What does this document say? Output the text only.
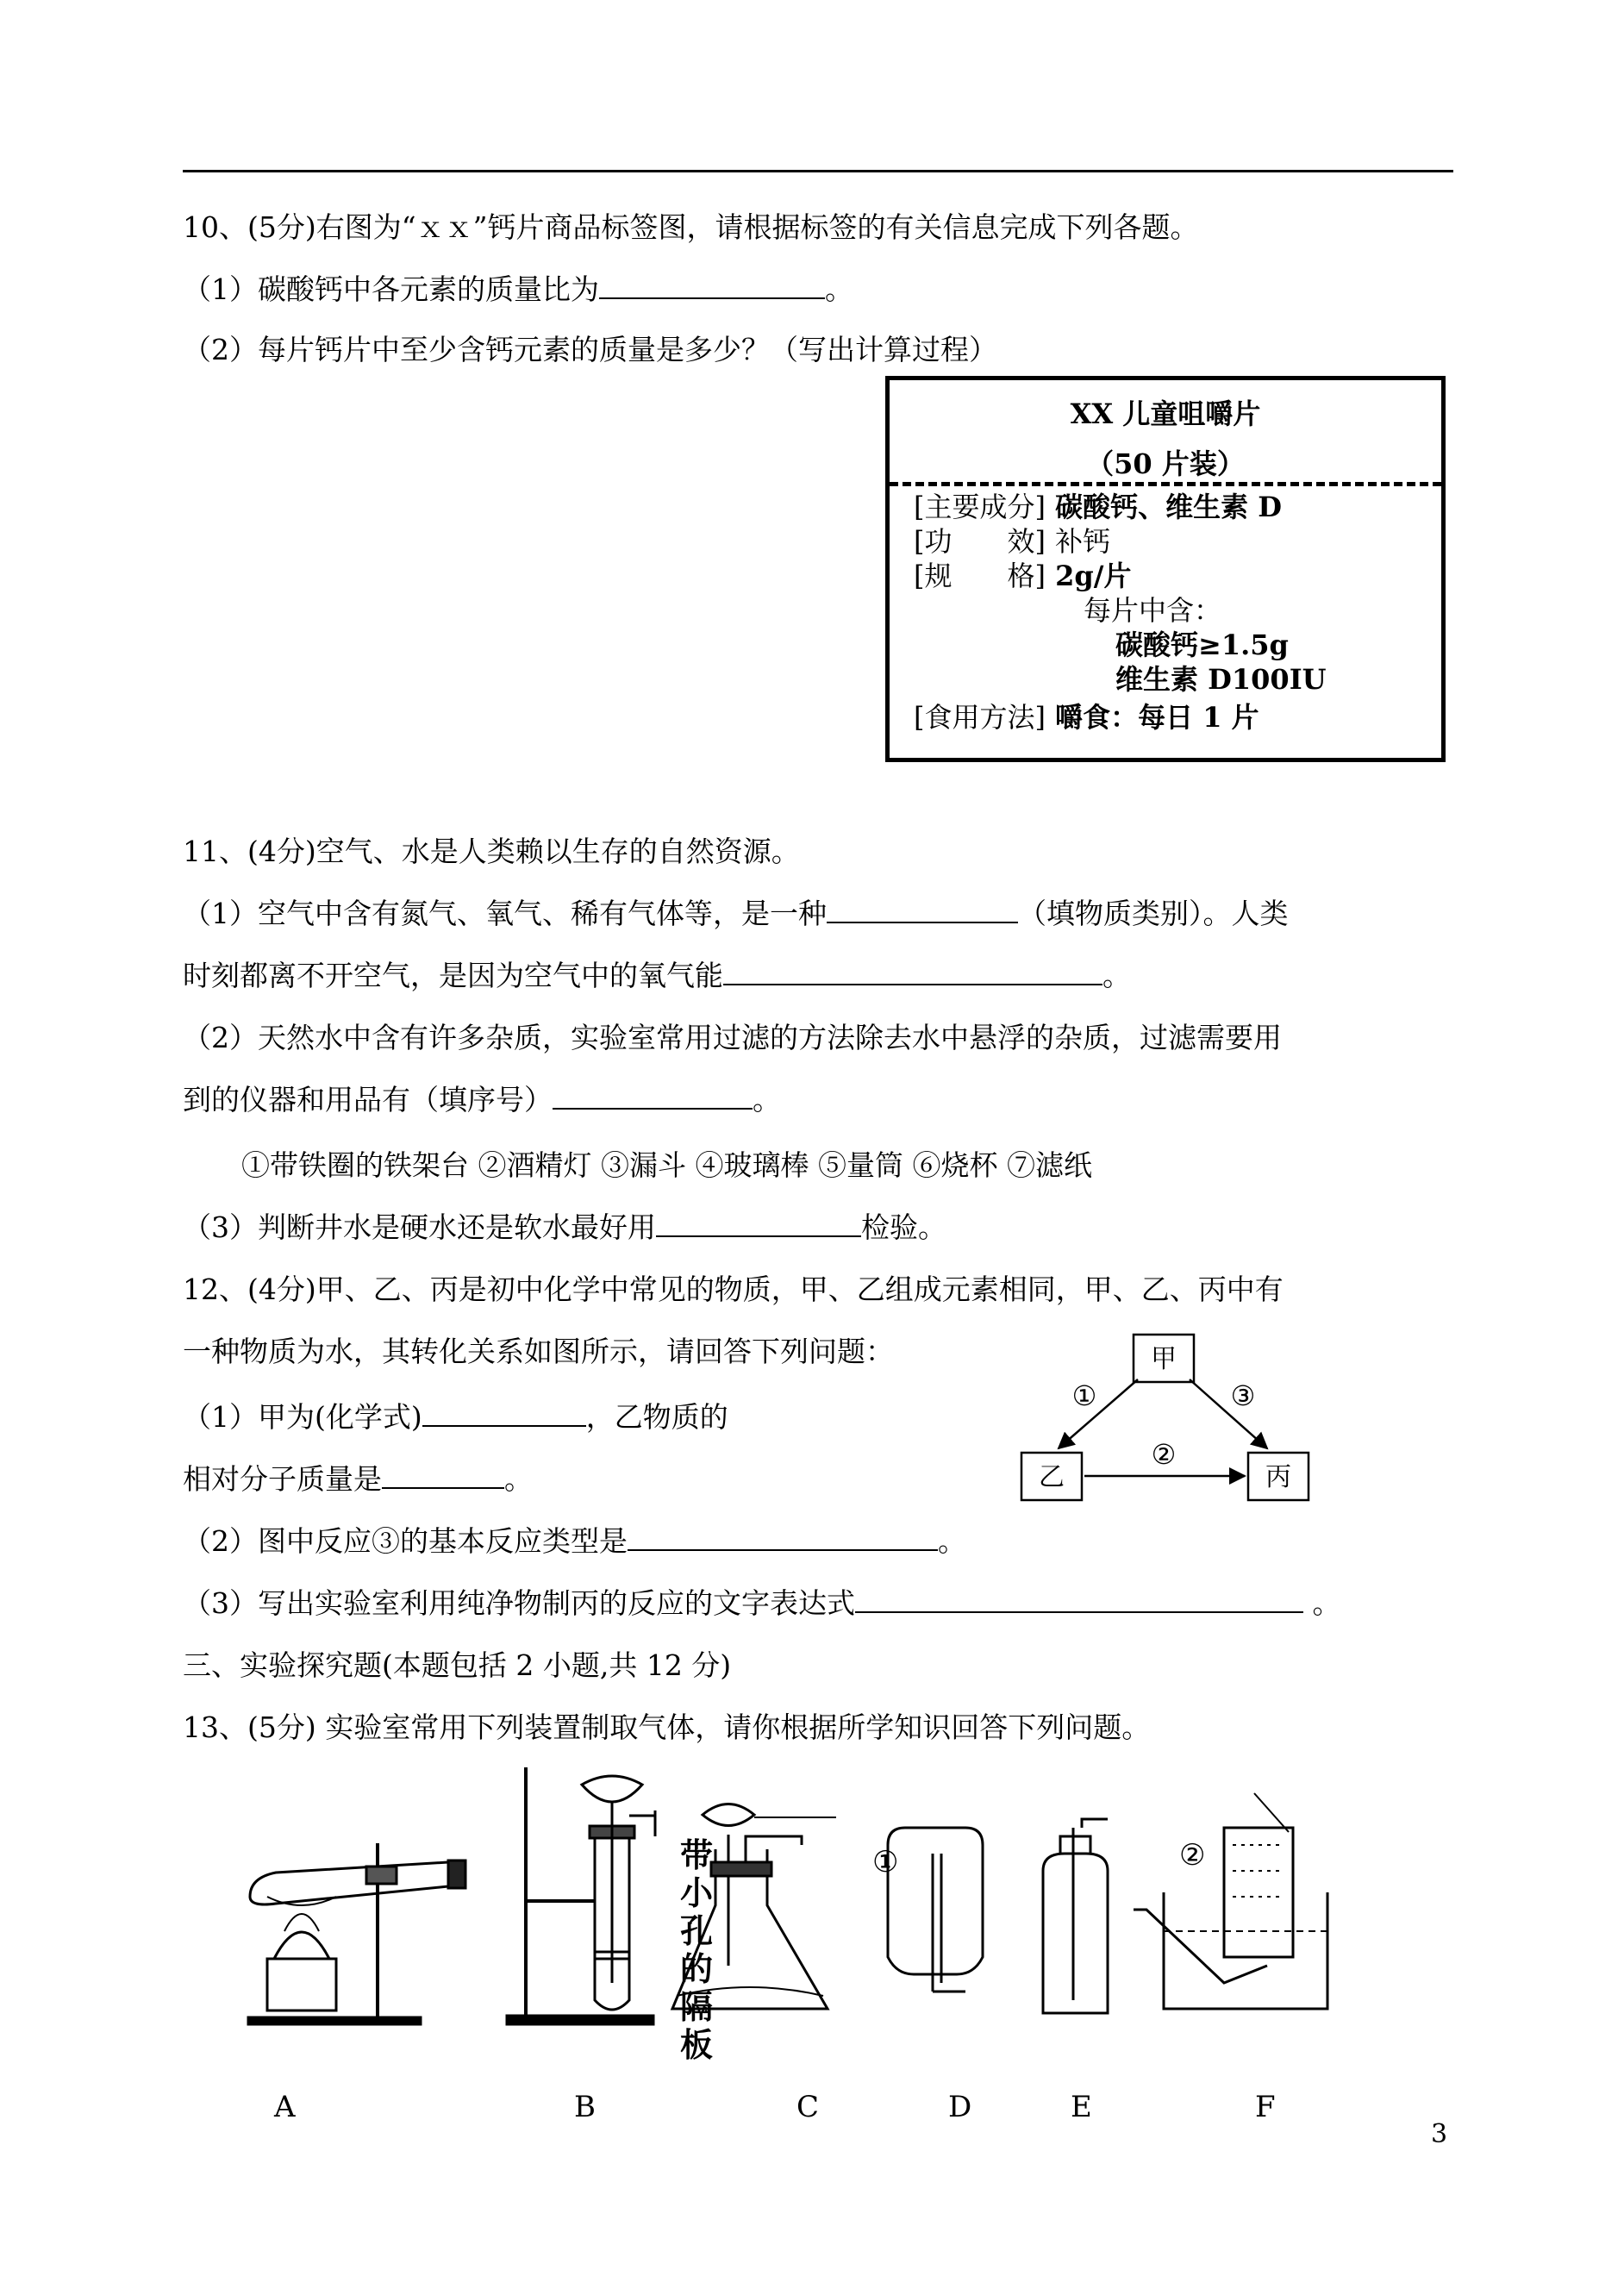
10、(5分)右图为“ｘｘ”钙片商品标签图，请根据标签的有关信息完成下列各题。
（1）碳酸钙中各元素的质量比为	。
（2）每片钙片中至少含钙元素的质量是多少？（写出计算过程）
XX 儿童咀嚼片
（50 片装）
[主要成分] 碳酸钙、维生素 D
[功　　效] 补钙
[规　　格] 2g/片
每片中含：
碳酸钙≥1.5g
维生素 D100IU
[食用方法] 嚼食：每日 1 片
11、(4分)空气、水是人类赖以生存的自然资源。
（1）空气中含有氮气、氧气、稀有气体等，是一种	（填物质类别）。人类
时刻都离不开空气，是因为空气中的氧气能	。
（2）天然水中含有许多杂质，实验室常用过滤的方法除去水中悬浮的杂质，过滤需要用
到的仪器和用品有（填序号）	。
①带铁圈的铁架台 ②酒精灯 ③漏斗 ④玻璃棒 ⑤量筒 ⑥烧杯 ⑦滤纸
（3）判断井水是硬水还是软水最好用	检验。
12、(4分)甲、乙、丙是初中化学中常见的物质，甲、乙组成元素相同，甲、乙、丙中有
一种物质为水，其转化关系如图所示，请回答下列问题：
（1）甲为(化学式)	，乙物质的
相对分子质量是	。
（2）图中反应③的基本反应类型是	。
（3）写出实验室利用纯净物制丙的反应的文字表达式	。
甲
乙	丙
①	③
②
三、实验探究题(本题包括 2 小题,共 12 分)
13、(5分) 实验室常用下列装置制取气体，请你根据所学知识回答下列问题。
带小孔的隔板
①	②
A	B	C	D	E	F
3
